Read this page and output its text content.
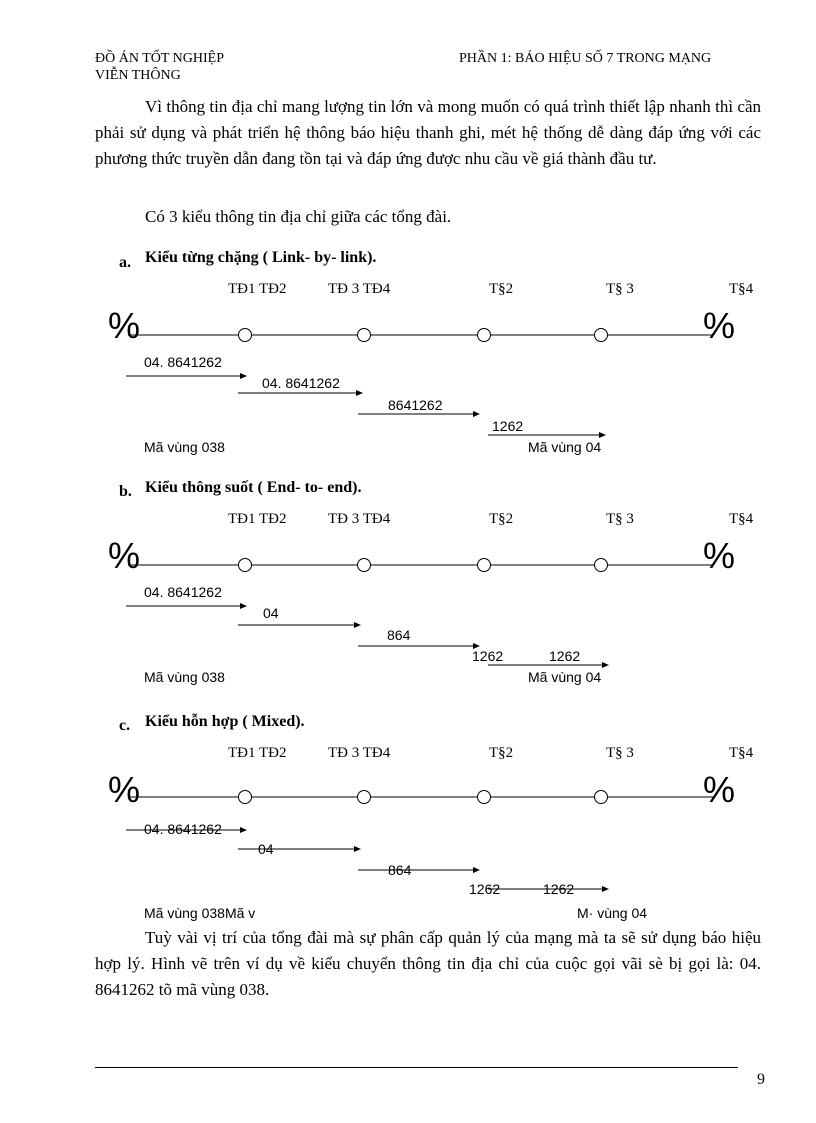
ĐỒ ÁN TỐT NGHIỆP
VIỄN THÔNG
PHẦN 1: BÁO HIỆU SỐ 7 TRONG MẠNG
Vì thông tin địa chỉ mang lượng tin lớn và mong muốn có quá trình thiết lập nhanh thì cần phải sử dụng và phát triển hệ thông báo hiệu thanh ghi, mét hệ thống dễ dàng đáp ứng với các phương thức truyền dẫn đang tồn tại và đáp ứng được nhu cầu về giá thành đầu tư.
Có 3 kiểu thông tin địa chỉ giữa các tổng đài.
a. Kiểu từng chặng ( Link- by- link).
TĐ1 TĐ2	TĐ 3 TĐ4	T§2	T§ 3	T§4
%	%
04. 8641262
04. 8641262
8641262
1262
Mã vùng 038	Mã vùng 04
b. Kiểu thông suốt ( End- to- end).
TĐ1 TĐ2	TĐ 3 TĐ4	T§2	T§ 3	T§4
%	%
04. 8641262
04
864
1262	1262
Mã vùng 038	Mã vùng 04
c. Kiểu hỗn hợp ( Mixed).
TĐ1 TĐ2	TĐ 3 TĐ4	T§2	T§ 3	T§4
%	%
04. 8641262
04
864
1262	1262
Mã vùng 038Mã v	M· vùng 04
Tuỳ vài vị trí của tổng đài mà sự phân cấp quản lý của mạng mà ta sẽ sử dụng báo hiệu hợp lý. Hình vẽ trên ví dụ về kiểu chuyển thông tin địa chỉ của cuộc gọi vãi sè bị gọi là: 04. 8641262 tõ mã vùng 038.
9
